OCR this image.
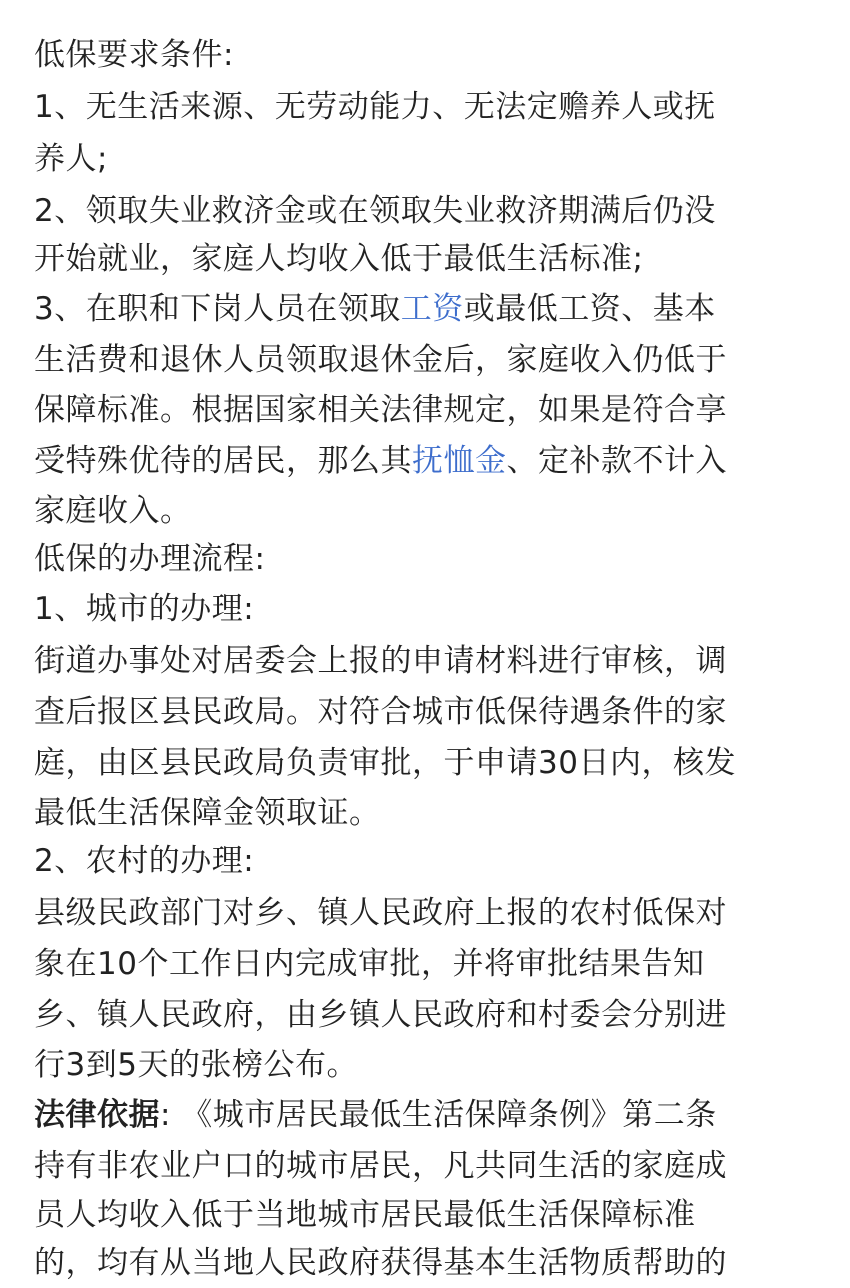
低保要求条件:
1、无生活来源、无劳动能力、无法定赡养人或抚
养人;
2、领取失业救济金或在领取失业救济期满后仍没
开始就业，家庭人均收入低于最低生活标准;
3、在职和下岗人员在领取工资或最低工资、基本
生活费和退休人员领取退休金后，家庭收入仍低于
保障标准。根据国家相关法律规定，如果是符合享
受特殊优待的居民，那么其抚恤金、定补款不计入
家庭收入。
低保的办理流程:
1、城市的办理:
街道办事处对居委会上报的申请材料进行审核，调
查后报区县民政局。对符合城市低保待遇条件的家
庭，由区县民政局负责审批，于申请30日内，核发
最低生活保障金领取证。
2、农村的办理:
县级民政部门对乡、镇人民政府上报的农村低保对
象在10个工作日内完成审批，并将审批结果告知
乡、镇人民政府，由乡镇人民政府和村委会分别进
行3到5天的张榜公布。
法律依据: 《城市居民最低生活保障条例》第二条
持有非农业户口的城市居民，凡共同生活的家庭成
员人均收入低于当地城市居民最低生活保障标准
的，均有从当地人民政府获得基本生活物质帮助的
